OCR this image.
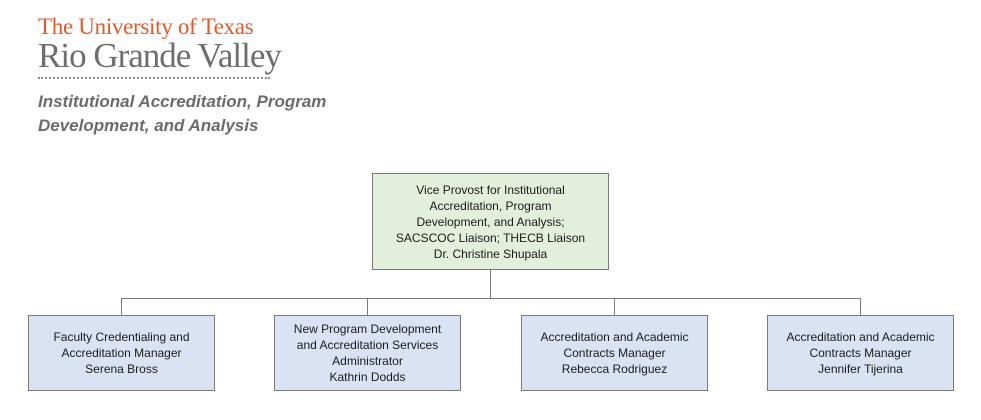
The University of Texas
Rio Grande Valley
Institutional Accreditation, Program Development, and Analysis
Vice Provost for Institutional
Accreditation, Program
Development, and Analysis;
SACSCOC Liaison; THECB Liaison
Dr. Christine Shupala
Faculty Credentialing and
Accreditation Manager
Serena Bross
New Program Development
and Accreditation Services
Administrator
Kathrin Dodds
Accreditation and Academic
Contracts Manager
Rebecca Rodriguez
Accreditation and Academic
Contracts Manager
Jennifer Tijerina
